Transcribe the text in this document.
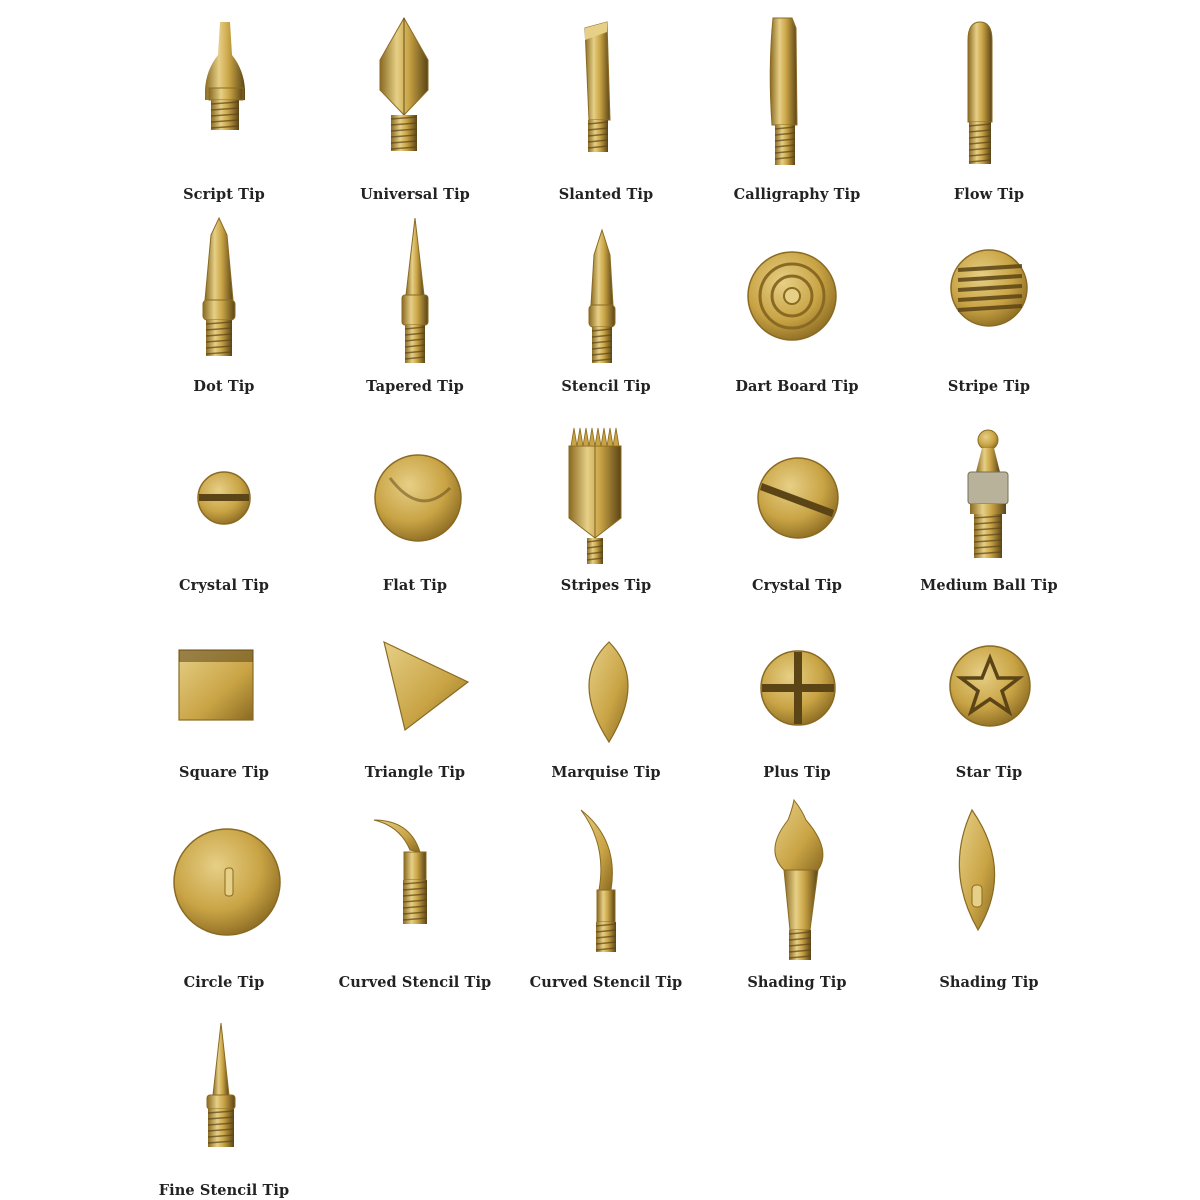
Script Tip	Universal Tip	Slanted Tip	Calligraphy Tip	Flow Tip
Dot Tip	Tapered Tip	Stencil Tip	Dart Board Tip	Stripe Tip
Crystal Tip	Flat Tip	Stripes Tip	Crystal Tip	Medium Ball Tip
Square Tip	Triangle Tip	Marquise Tip	Plus Tip	Star Tip
Circle Tip	Curved Stencil Tip	Curved Stencil Tip	Shading Tip	Shading Tip
Fine Stencil Tip
